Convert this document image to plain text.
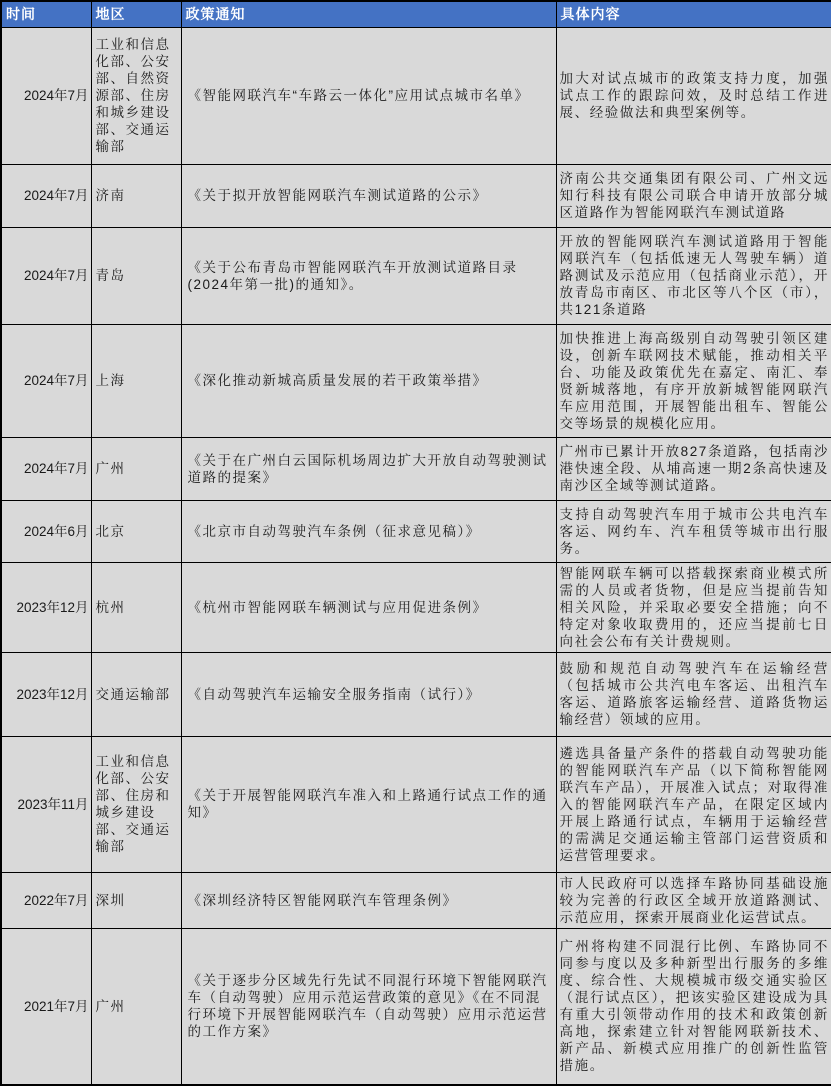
时间	地区	政策通知	具体内容
2024年7月	工业和信息化部、公安部、自然资源部、住房和城乡建设部、交通运输部	《智能网联汽车“车路云一体化”应用试点城市名单》	加大对试点城市的政策支持力度，加强试点工作的跟踪问效，及时总结工作进展、经验做法和典型案例等。
2024年7月	济南	《关于拟开放智能网联汽车测试道路的公示》	济南公共交通集团有限公司、广州文远知行科技有限公司联合申请开放部分城区道路作为智能网联汽车测试道路
2024年7月	青岛	《关于公布青岛市智能网联汽车开放测试道路目录(2024年第一批)的通知》。	开放的智能网联汽车测试道路用于智能网联汽车（包括低速无人驾驶车辆）道路测试及示范应用（包括商业示范），开放青岛市南区、市北区等八个区（市），共121条道路
2024年7月	上海	《深化推动新城高质量发展的若干政策举措》	加快推进上海高级别自动驾驶引领区建设，创新车联网技术赋能，推动相关平台、功能及政策优先在嘉定、南汇、奉贤新城落地，有序开放新城智能网联汽车应用范围，开展智能出租车、智能公交等场景的规模化应用。
2024年7月	广州	《关于在广州白云国际机场周边扩大开放自动驾驶测试道路的提案》	广州市已累计开放827条道路，包括南沙港快速全段、从埔高速一期2条高快速及南沙区全域等测试道路。
2024年6月	北京	《北京市自动驾驶汽车条例（征求意见稿）》	支持自动驾驶汽车用于城市公共电汽车客运、网约车、汽车租赁等城市出行服务。
2023年12月	杭州	《杭州市智能网联车辆测试与应用促进条例》	智能网联车辆可以搭载探索商业模式所需的人员或者货物，但是应当提前告知相关风险，并采取必要安全措施；向不特定对象收取费用的，还应当提前七日向社会公布有关计费规则。
2023年12月	交通运输部	《自动驾驶汽车运输安全服务指南（试行）》	鼓励和规范自动驾驶汽车在运输经营（包括城市公共汽电车客运、出租汽车客运、道路旅客运输经营、道路货物运输经营）领域的应用。
2023年11月	工业和信息化部、公安部、住房和城乡建设部、交通运输部	《关于开展智能网联汽车准入和上路通行试点工作的通知》	遴选具备量产条件的搭载自动驾驶功能的智能网联汽车产品（以下简称智能网联汽车产品），开展准入试点；对取得准入的智能网联汽车产品，在限定区域内开展上路通行试点，车辆用于运输经营的需满足交通运输主管部门运营资质和运营管理要求。
2022年7月	深圳	《深圳经济特区智能网联汽车管理条例》	市人民政府可以选择车路协同基础设施较为完善的行政区全域开放道路测试、示范应用，探索开展商业化运营试点。
2021年7月	广州	《关于逐步分区域先行先试不同混行环境下智能网联汽车（自动驾驶）应用示范运营政策的意见》《在不同混行环境下开展智能网联汽车（自动驾驶）应用示范运营的工作方案》	广州将构建不同混行比例、车路协同不同参与度以及多种新型出行服务的多维度、综合性、大规模城市级交通实验区（混行试点区），把该实验区建设成为具有重大引领带动作用的技术和政策创新高地，探索建立针对智能网联新技术、新产品、新模式应用推广的创新性监管措施。
